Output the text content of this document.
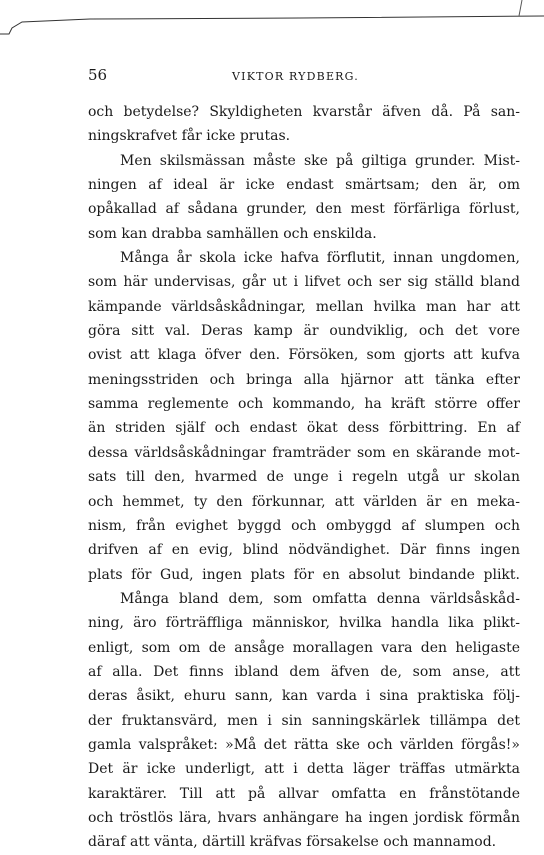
56	VIKTOR RYDBERG.
och betydelse? Skyldigheten kvarstår äfven då. På san-
ningskrafvet får icke prutas.
Men skilsmässan måste ske på giltiga grunder. Mist-
ningen af ideal är icke endast smärtsam; den är, om
opåkallad af sådana grunder, den mest förfärliga förlust,
som kan drabba samhällen och enskilda.
Många år skola icke hafva förflutit, innan ungdomen,
som här undervisas, går ut i lifvet och ser sig ställd bland
kämpande världsåskådningar, mellan hvilka man har att
göra sitt val. Deras kamp är oundviklig, och det vore
ovist att klaga öfver den. Försöken, som gjorts att kufva
meningsstriden och bringa alla hjärnor att tänka efter
samma reglemente och kommando, ha kräft större offer
än striden själf och endast ökat dess förbittring. En af
dessa världsåskådningar framträder som en skärande mot-
sats till den, hvarmed de unge i regeln utgå ur skolan
och hemmet, ty den förkunnar, att världen är en meka-
nism, från evighet byggd och ombyggd af slumpen och
drifven af en evig, blind nödvändighet. Där finns ingen
plats för Gud, ingen plats för en absolut bindande plikt.
Många bland dem, som omfatta denna världsåskåd-
ning, äro förträffliga människor, hvilka handla lika plikt-
enligt, som om de ansåge morallagen vara den heligaste
af alla. Det finns ibland dem äfven de, som anse, att
deras åsikt, ehuru sann, kan varda i sina praktiska följ-
der fruktansvärd, men i sin sanningskärlek tillämpa det
gamla valspråket: »Må det rätta ske och världen förgås!»
Det är icke underligt, att i detta läger träffas utmärkta
karaktärer. Till att på allvar omfatta en frånstötande
och tröstlös lära, hvars anhängare ha ingen jordisk förmån
däraf att vänta, därtill kräfvas försakelse och mannamod.
